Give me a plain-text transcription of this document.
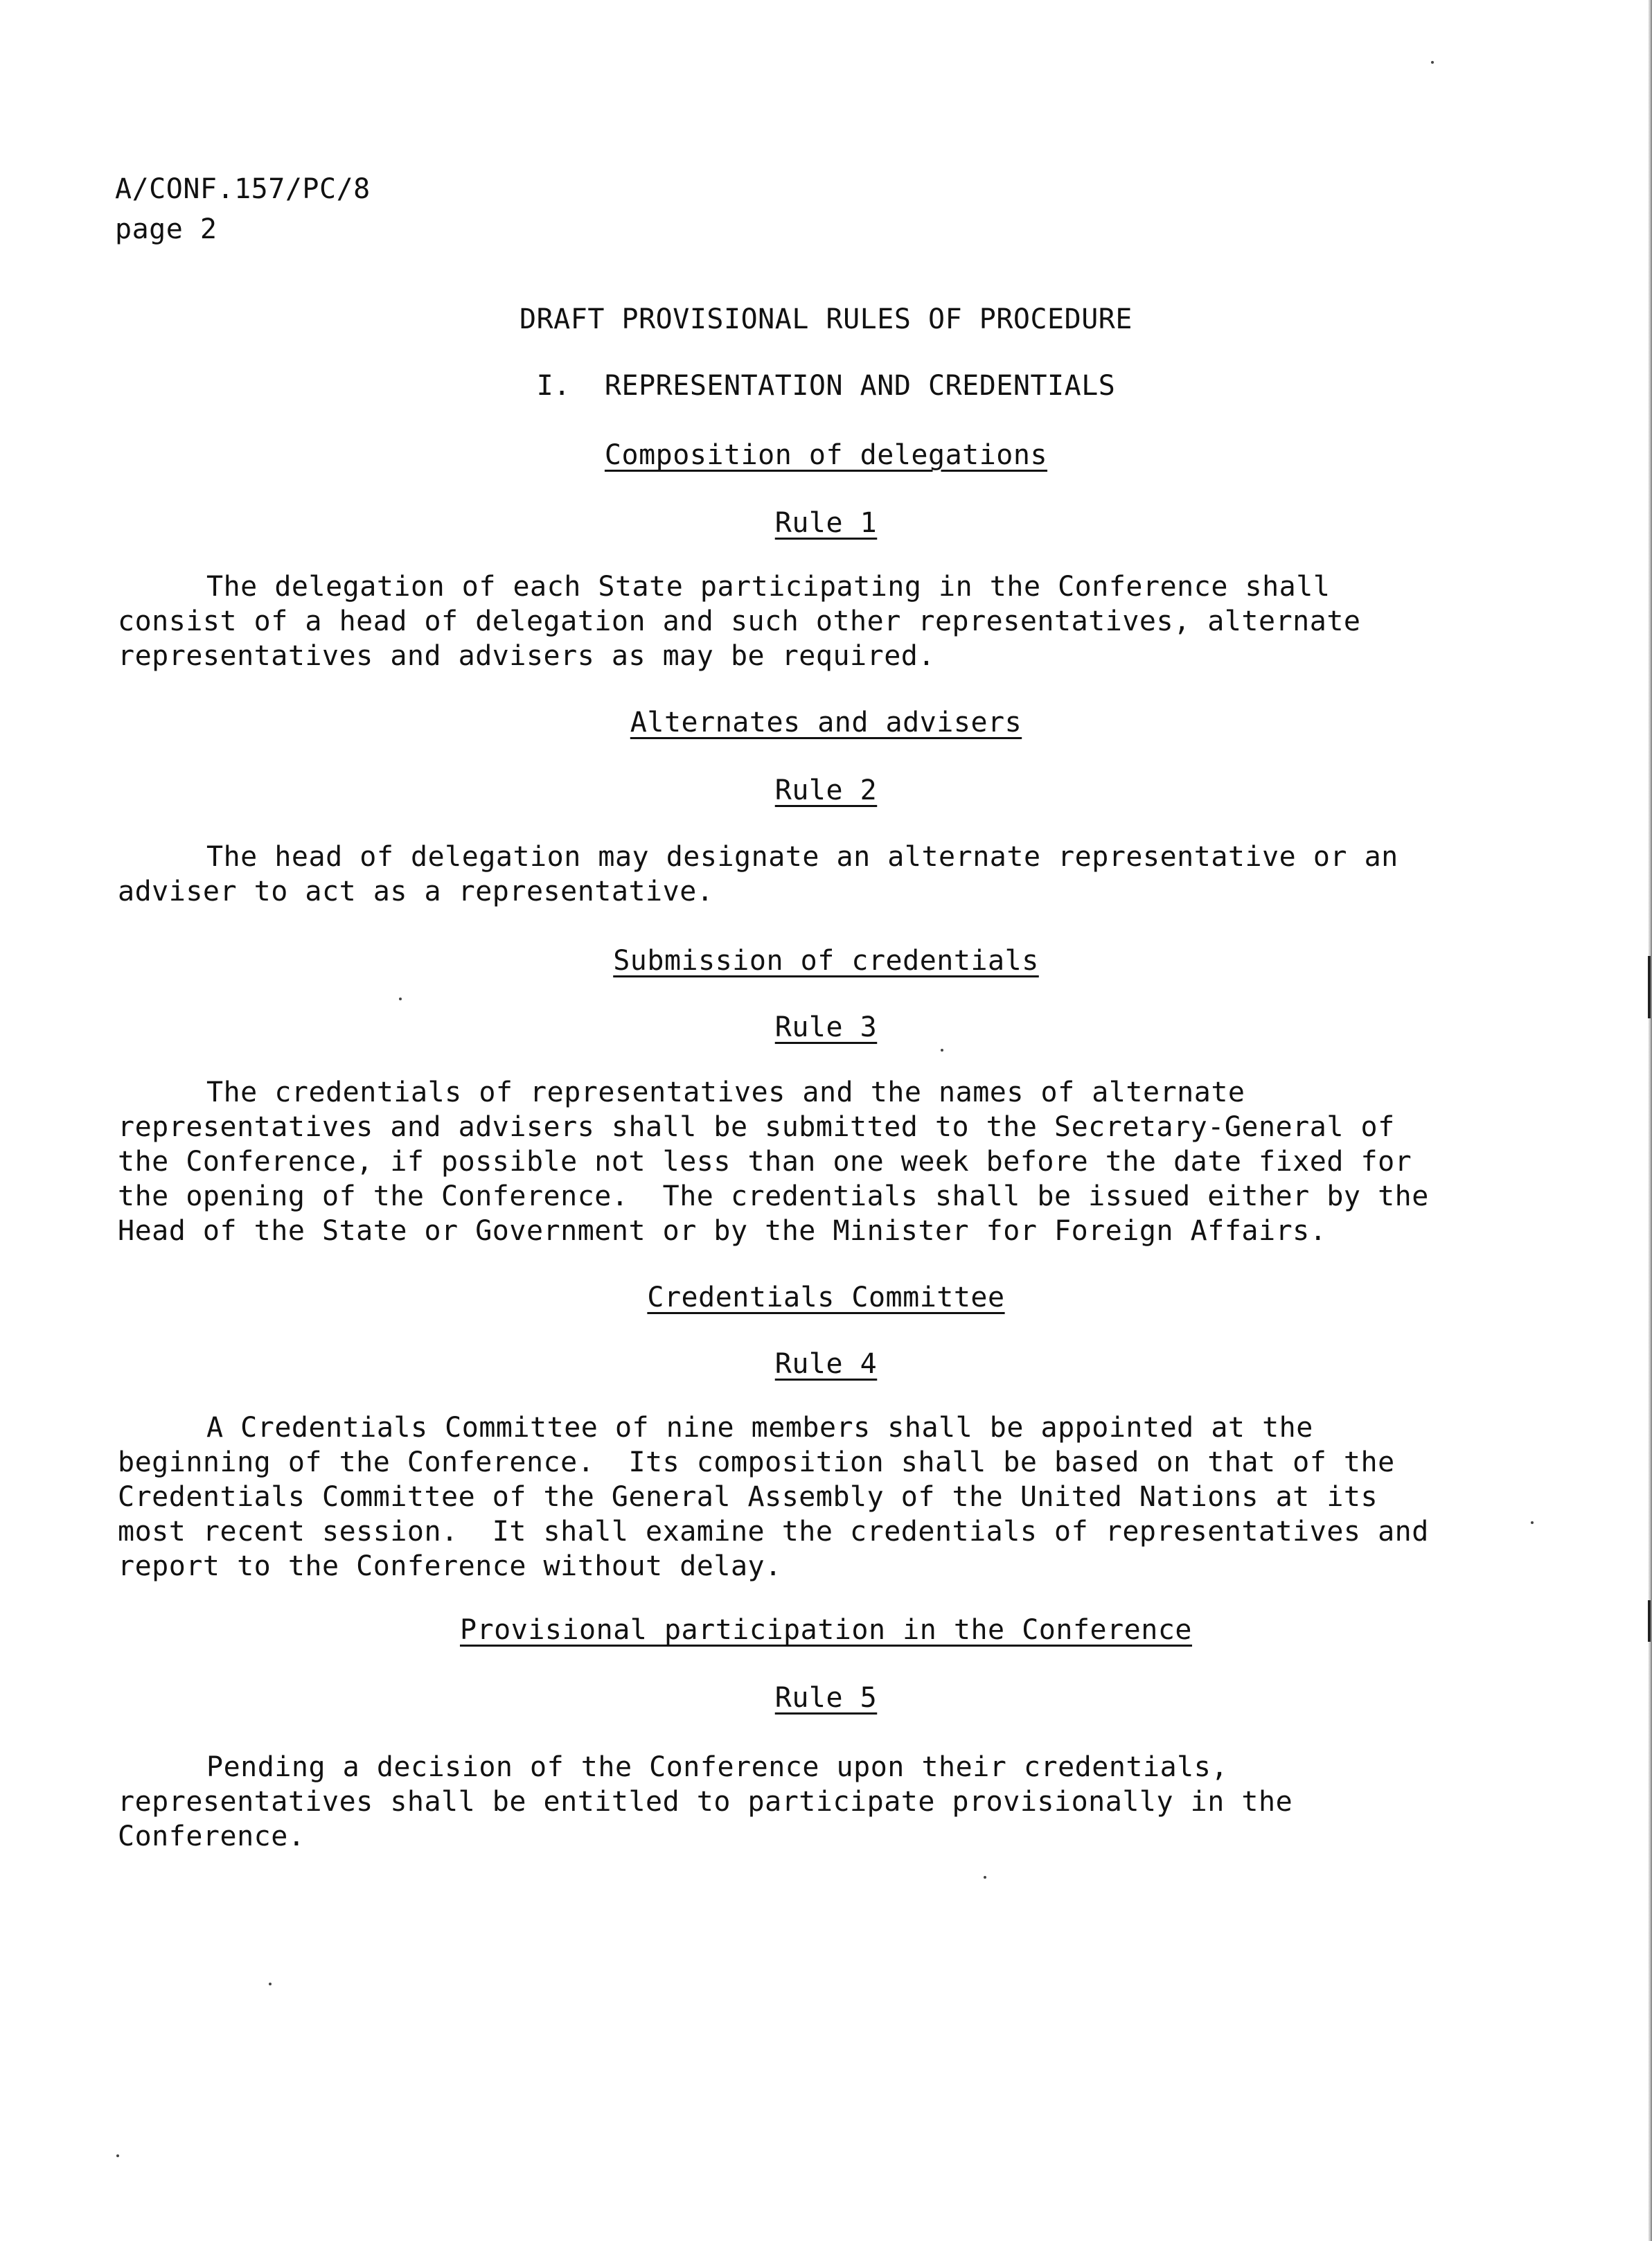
A/CONF.157/PC/8
page 2
DRAFT PROVISIONAL RULES OF PROCEDURE
I.  REPRESENTATION AND CREDENTIALS
Composition of delegations
Rule 1
The delegation of each State participating in the Conference shall
consist of a head of delegation and such other representatives, alternate
representatives and advisers as may be required.
Alternates and advisers
Rule 2
The head of delegation may designate an alternate representative or an
adviser to act as a representative.
Submission of credentials
Rule 3
The credentials of representatives and the names of alternate
representatives and advisers shall be submitted to the Secretary-General of
the Conference, if possible not less than one week before the date fixed for
the opening of the Conference.  The credentials shall be issued either by the
Head of the State or Government or by the Minister for Foreign Affairs.
Credentials Committee
Rule 4
A Credentials Committee of nine members shall be appointed at the
beginning of the Conference.  Its composition shall be based on that of the
Credentials Committee of the General Assembly of the United Nations at its
most recent session.  It shall examine the credentials of representatives and
report to the Conference without delay.
Provisional participation in the Conference
Rule 5
Pending a decision of the Conference upon their credentials,
representatives shall be entitled to participate provisionally in the
Conference.
